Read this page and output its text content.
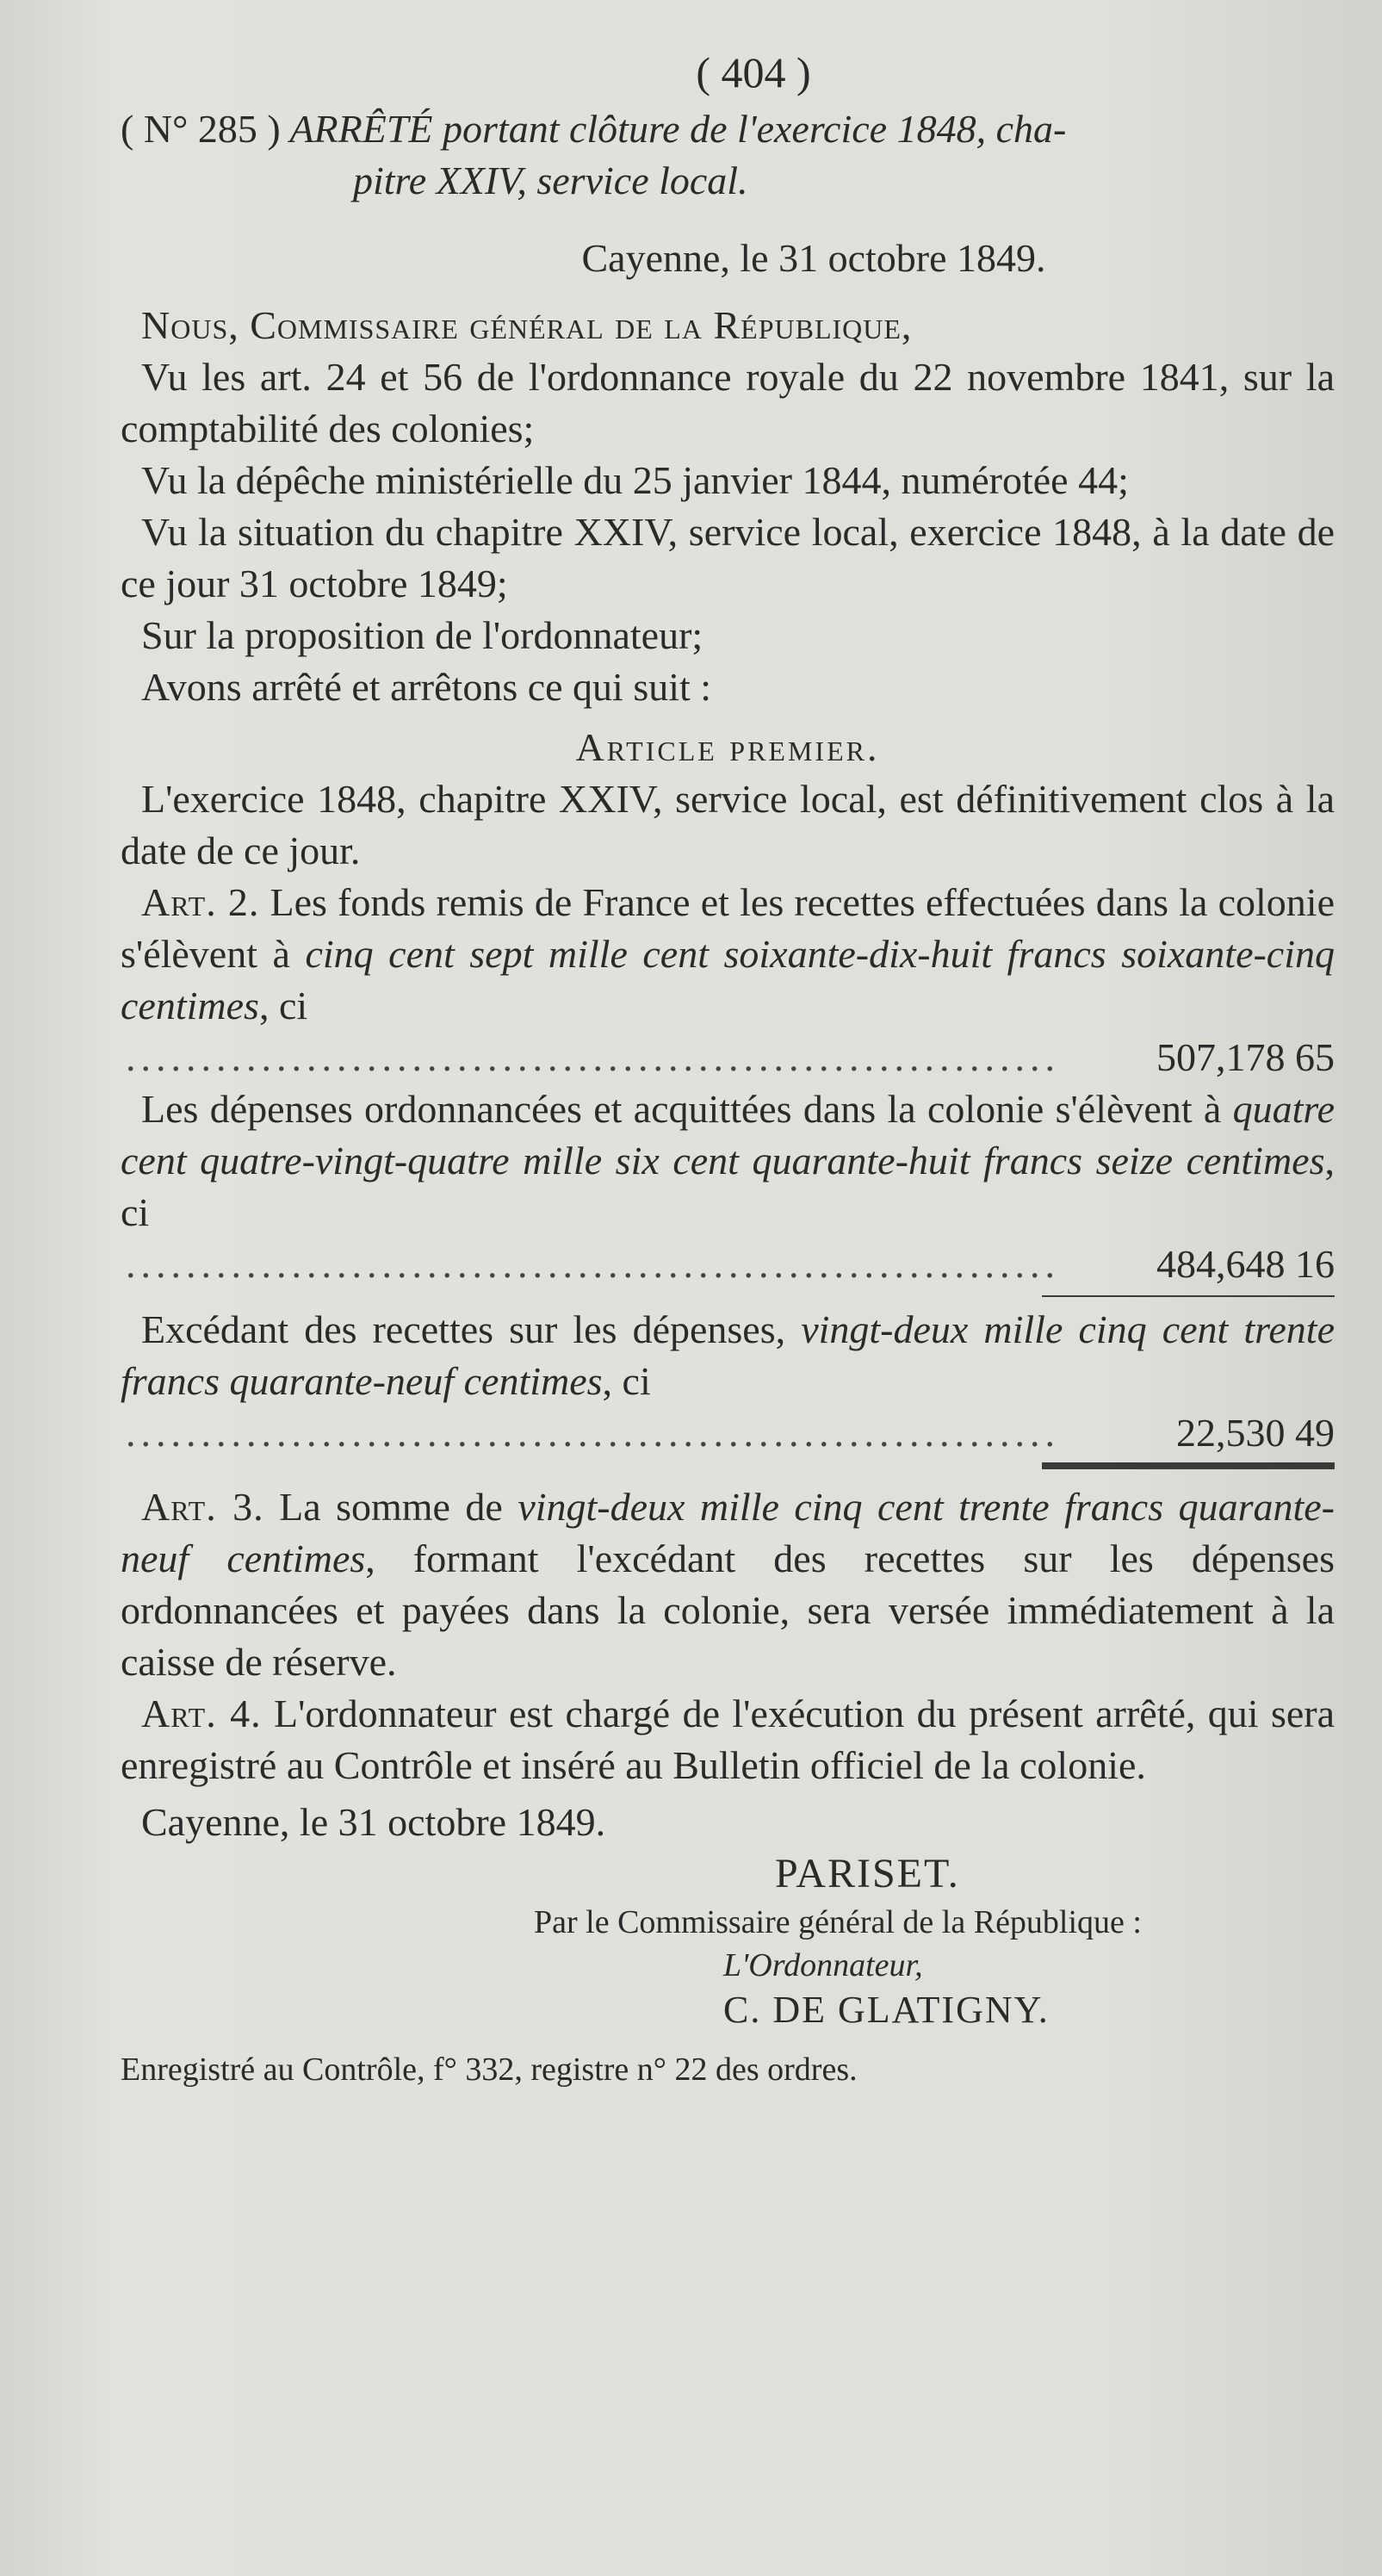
( 404 )
( N° 285 ) ARRÊTÉ portant clôture de l'exercice 1848, cha-
pitre XXIV, service local.
Cayenne, le 31 octobre 1849.
Nous, Commissaire général de la République,
Vu les art. 24 et 56 de l'ordonnance royale du 22 novembre 1841, sur la comptabilité des colonies;
Vu la dépêche ministérielle du 25 janvier 1844, numérotée 44;
Vu la situation du chapitre XXIV, service local, exercice 1848, à la date de ce jour 31 octobre 1849;
Sur la proposition de l'ordonnateur;
Avons arrêté et arrêtons ce qui suit :
Article premier.
L'exercice 1848, chapitre XXIV, service local, est définitivement clos à la date de ce jour.
Art. 2. Les fonds remis de France et les recettes effectuées dans la colonie s'élèvent à cinq cent sept mille cent soixante-dix-huit francs soixante-cinq centimes, ci
..............................................................	507,178 65
Les dépenses ordonnancées et acquittées dans la colonie s'élèvent à quatre cent quatre-vingt-quatre mille six cent quarante-huit francs seize centimes, ci
..............................................................	484,648 16
Excédant des recettes sur les dépenses, vingt-deux mille cinq cent trente francs quarante-neuf centimes, ci
..............................................................	22,530 49
Art. 3. La somme de vingt-deux mille cinq cent trente francs quarante-neuf centimes, formant l'excédant des recettes sur les dépenses ordonnancées et payées dans la colonie, sera versée immédiatement à la caisse de réserve.
Art. 4. L'ordonnateur est chargé de l'exécution du présent arrêté, qui sera enregistré au Contrôle et inséré au Bulletin officiel de la colonie.
Cayenne, le 31 octobre 1849.
PARISET.
Par le Commissaire général de la République :
L'Ordonnateur,
C. DE GLATIGNY.
Enregistré au Contrôle, f° 332, registre n° 22 des ordres.
